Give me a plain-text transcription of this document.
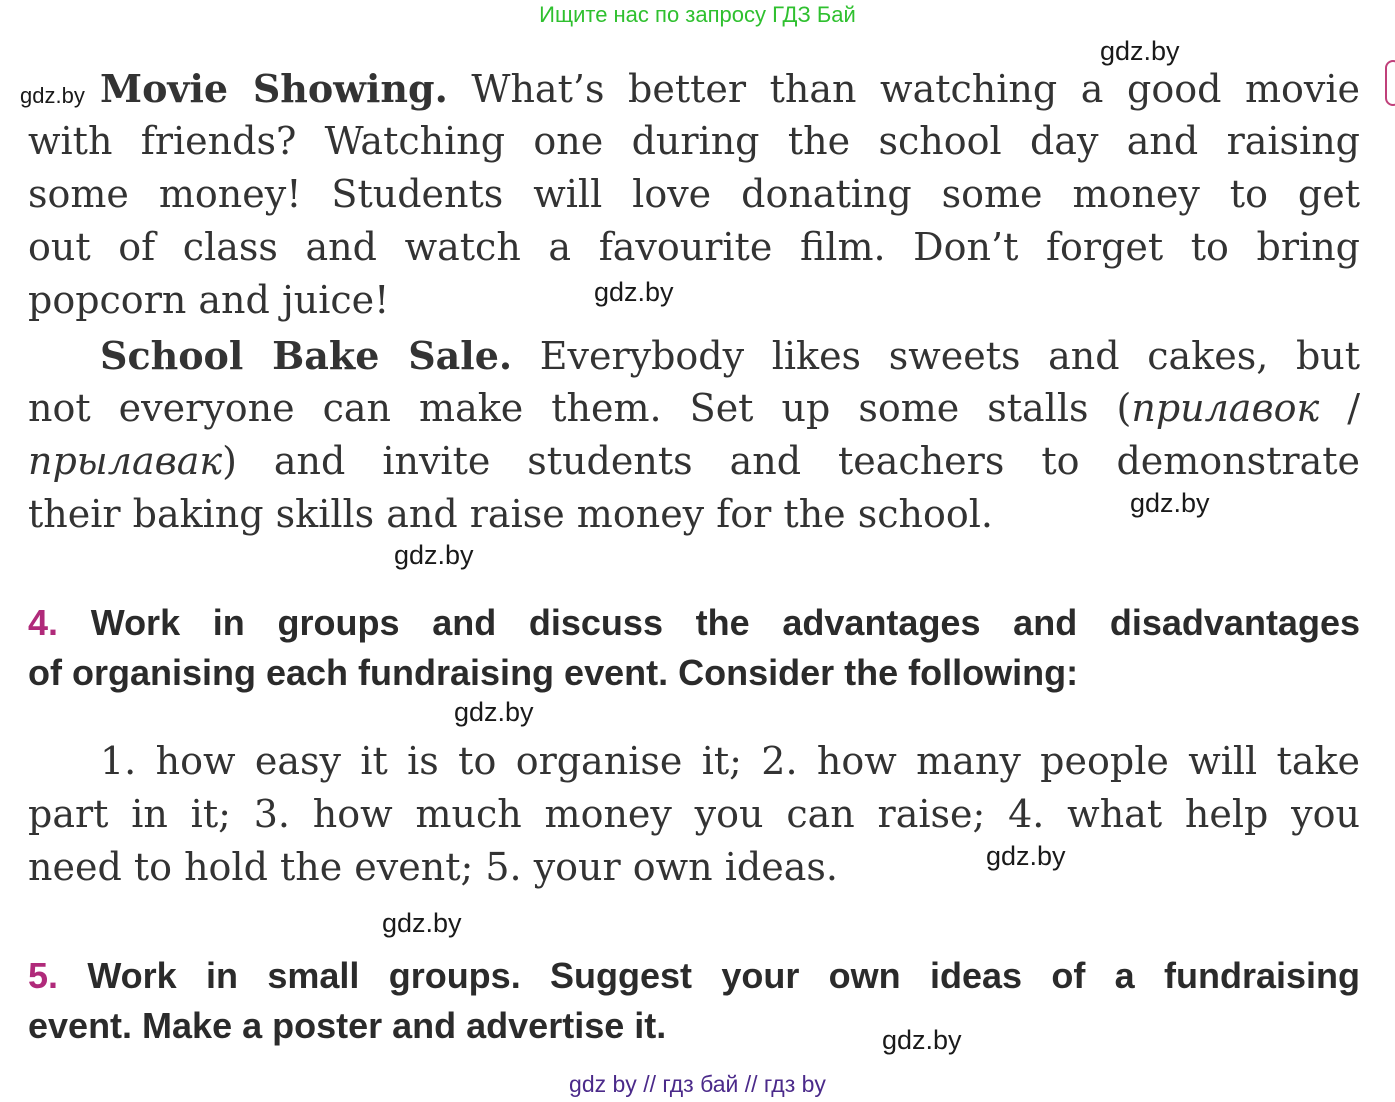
Ищите нас по запросу ГДЗ Бай
gdz.by
gdz.by
gdz.by
gdz.by
gdz.by
gdz.by
gdz.by
gdz.by
gdz.by
Movie Showing. What’s better than watching a good movie
with friends? Watching one during the school day and raising
some money! Students will love donating some money to get
out of class and watch a favourite film. Don’t forget to bring
popcorn and juice!
School Bake Sale. Everybody likes sweets and cakes, but
not everyone can make them. Set up some stalls (прилавок /
прылавак) and invite students and teachers to demonstrate
their baking skills and raise money for the school.
4. Work in groups and discuss the advantages and disadvantages
of organising each fundraising event. Consider the following:
1. how easy it is to organise it; 2. how many people will take
part in it; 3. how much money you can raise; 4. what help you
need to hold the event; 5. your own ideas.
5. Work in small groups. Suggest your own ideas of a fundraising
event. Make a poster and advertise it.
gdz by // гдз бай // гдз by
